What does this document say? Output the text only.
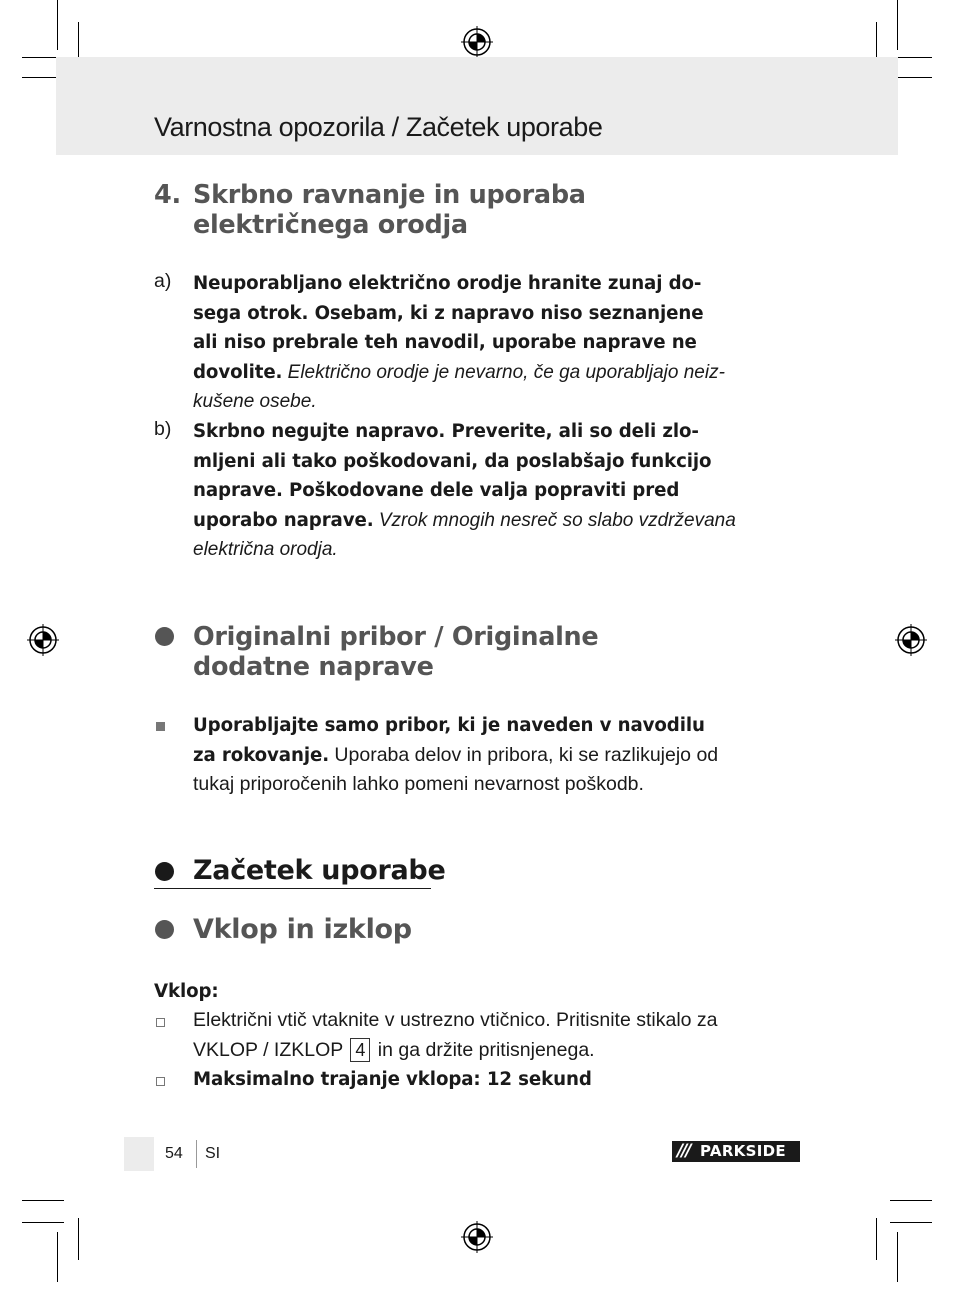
Varnostna opozorila / Začetek uporabe
4. Skrbno ravnanje in uporaba
električnega orodja
a) Neuporabljano električno orodje hranite zunaj do-
sega otrok. Osebam, ki z napravo niso seznanjene
ali niso prebrale teh navodil, uporabe naprave ne
dovolite. Električno orodje je nevarno, če ga uporabljajo neiz-
kušene osebe.
b) Skrbno negujte napravo. Preverite, ali so deli zlo-
mljeni ali tako poškodovani, da poslabšajo funkcijo
naprave. Poškodovane dele valja popraviti pred
uporabo naprave. Vzrok mnogih nesreč so slabo vzdrževana
električna orodja.
Originalni pribor / Originalne
dodatne naprave
Uporabljajte samo pribor, ki je naveden v navodilu
za rokovanje. Uporaba delov in pribora, ki se razlikujejo od
tukaj priporočenih lahko pomeni nevarnost poškodb.
Začetek uporabe
Vklop in izklop
Vklop:
Električni vtič vtaknite v ustrezno vtičnico. Pritisnite stikalo za
VKLOP / IZKLOP 4 in ga držite pritisnjenega.
Maksimalno trajanje vklopa: 12 sekund
54 SI	/// PARKSIDE
